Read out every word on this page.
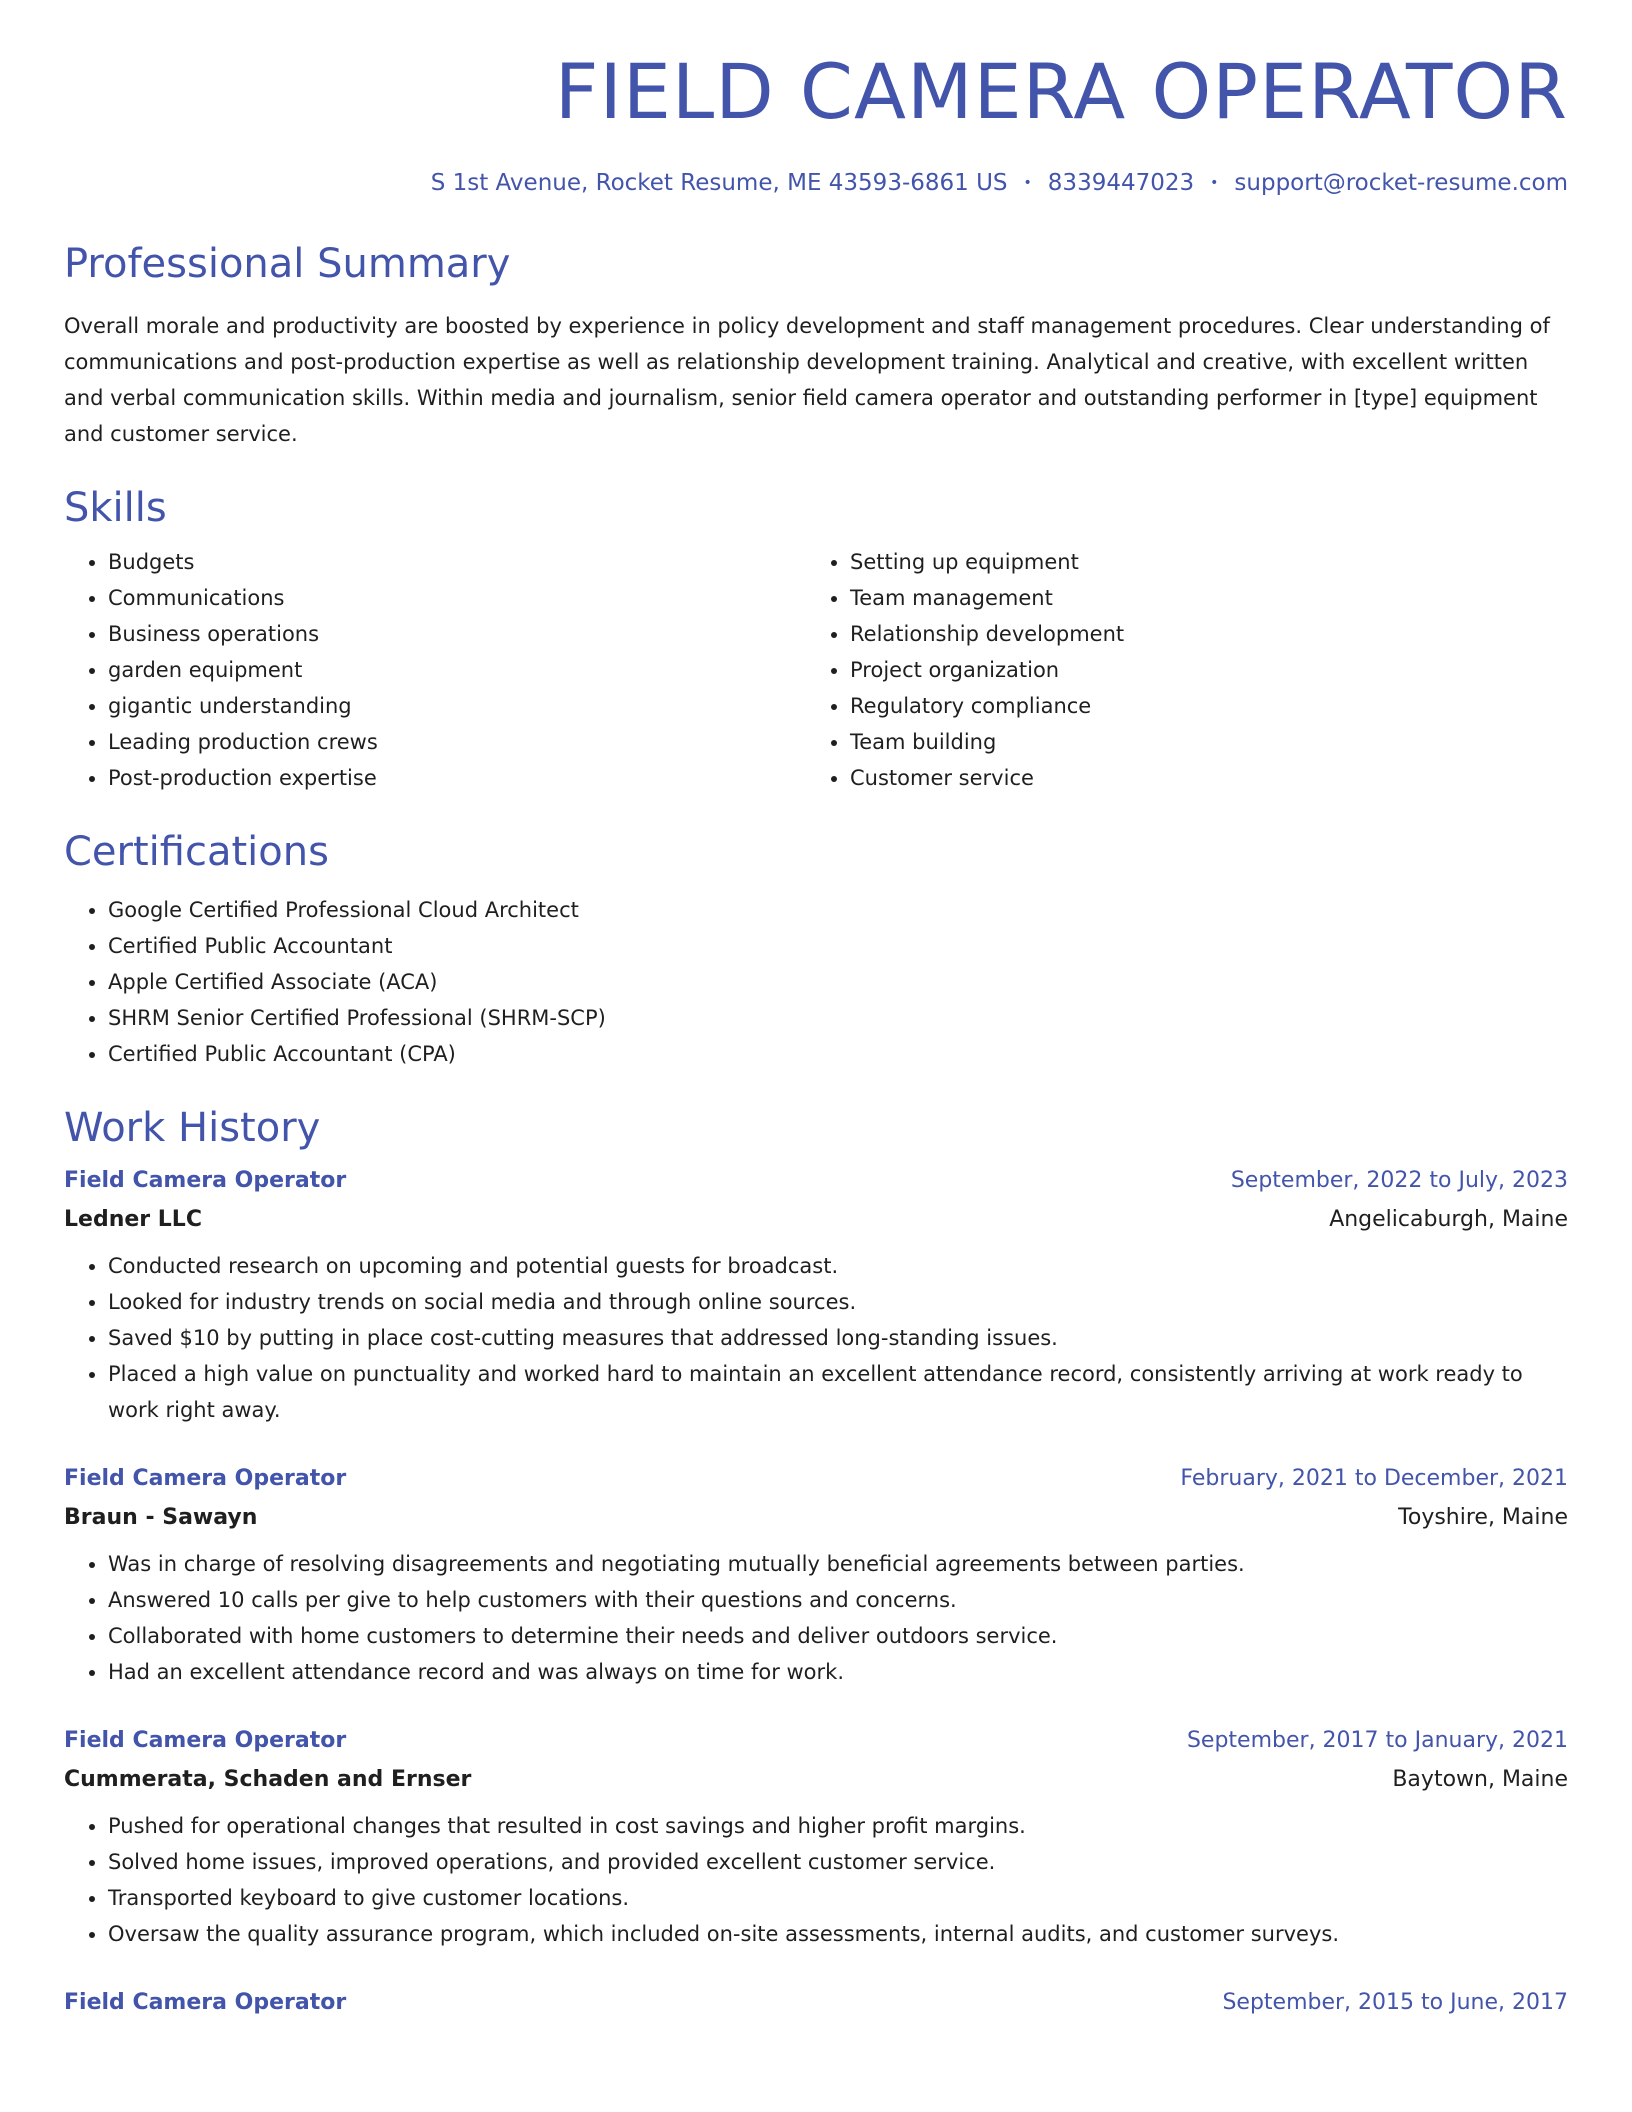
FIELD CAMERA OPERATOR
S 1st Avenue, Rocket Resume, ME 43593-6861 US • 8339447023 • support@rocket-resume.com
Professional Summary

Overall morale and productivity are boosted by experience in policy development and staff management procedures. Clear understanding of communications and post-production expertise as well as relationship development training. Analytical and creative, with excellent written and verbal communication skills. Within media and journalism, senior field camera operator and outstanding performer in [type] equipment and customer service.

Skills
• Budgets
• Communications
• Business operations
• garden equipment
• gigantic understanding
• Leading production crews
• Post-production expertise
• Setting up equipment
• Team management
• Relationship development
• Project organization
• Regulatory compliance
• Team building
• Customer service
Certifications
• Google Certified Professional Cloud Architect
• Certified Public Accountant
• Apple Certified Associate (ACA)
• SHRM Senior Certified Professional (SHRM-SCP)
• Certified Public Accountant (CPA)
Work History
Field Camera Operator	September, 2022 to July, 2023
Ledner LLC	Angelicaburgh, Maine
• Conducted research on upcoming and potential guests for broadcast.
• Looked for industry trends on social media and through online sources.
• Saved $10 by putting in place cost-cutting measures that addressed long-standing issues.
• Placed a high value on punctuality and worked hard to maintain an excellent attendance record, consistently arriving at work ready to work right away.
Field Camera Operator	February, 2021 to December, 2021
Braun - Sawayn	Toyshire, Maine
• Was in charge of resolving disagreements and negotiating mutually beneficial agreements between parties.
• Answered 10 calls per give to help customers with their questions and concerns.
• Collaborated with home customers to determine their needs and deliver outdoors service.
• Had an excellent attendance record and was always on time for work.
Field Camera Operator	September, 2017 to January, 2021
Cummerata, Schaden and Ernser	Baytown, Maine
• Pushed for operational changes that resulted in cost savings and higher profit margins.
• Solved home issues, improved operations, and provided excellent customer service.
• Transported keyboard to give customer locations.
• Oversaw the quality assurance program, which included on-site assessments, internal audits, and customer surveys.
Field Camera Operator	September, 2015 to June, 2017
